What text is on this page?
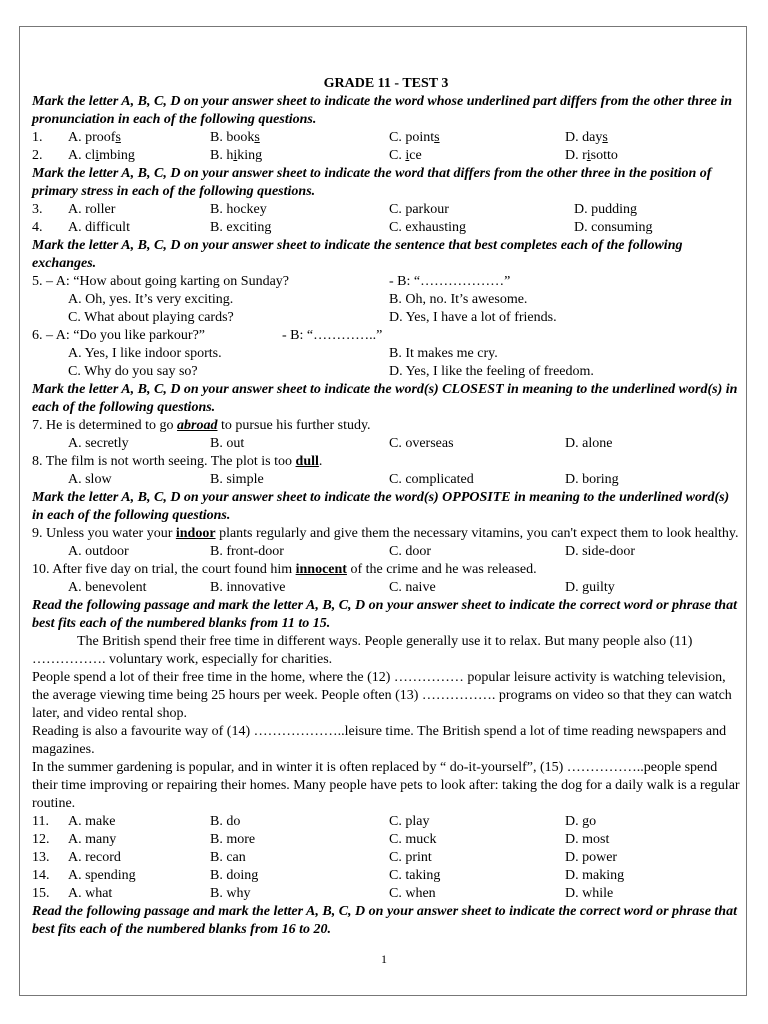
GRADE 11 - TEST 3
Mark the letter A, B, C, D on your answer sheet to indicate the word whose underlined part differs from the other three in pronunciation in each of the following questions.
1. A. proofs	B. books	C. points	D. days
2. A. climbing	B. hiking	C. ice	D. risotto
Mark the letter A, B, C, D on your answer sheet to indicate the word that differs from the other three in the position of primary stress in each of the following questions.
3. A. roller	B. hockey	C. parkour	D. pudding
4. A. difficult	B. exciting	C. exhausting	D. consuming
Mark the letter A, B, C, D on your answer sheet to indicate the sentence that best completes each of the following exchanges.
5. – A: “How about going karting on Sunday?	- B: “………………”
A. Oh, yes. It’s very exciting.	B. Oh, no. It’s awesome.
C. What about playing cards?	D. Yes, I have a lot of friends.
6. – A: “Do you like parkour?”	- B: “…………..”
A. Yes, I like indoor sports.	B. It makes me cry.
C. Why do you say so?	D. Yes, I like the feeling of freedom.
Mark the letter A, B, C, D on your answer sheet to indicate the word(s) CLOSEST in meaning to the underlined word(s) in each of the following questions.
7. He is determined to go abroad to pursue his further study.
A. secretly	B. out	C. overseas	D. alone
8. The film is not worth seeing. The plot is too dull.
A. slow	B. simple	C. complicated	D. boring
Mark the letter A, B, C, D on your answer sheet to indicate the word(s) OPPOSITE in meaning to the underlined word(s) in each of the following questions.
9. Unless you water your indoor plants regularly and give them the necessary vitamins, you can't expect them to look healthy.
A. outdoor	B. front-door	C. door	D. side-door
10. After five day on trial, the court found him innocent of the crime and he was released.
A. benevolent	B. innovative	C. naive	D. guilty
Read the following passage and mark the letter A, B, C, D on your answer sheet to indicate the correct word or phrase that best fits each of the numbered blanks from 11 to 15.
The British spend their free time in different ways. People generally use it to relax. But many people also (11) ……………. voluntary work, especially for charities.
People spend a lot of their free time in the home, where the (12) …………… popular leisure activity is watching television, the average viewing time being 25 hours per week. People often (13) ……………. programs on video so that they can watch later, and video rental shop.
Reading is also a favourite way of (14) ………………..leisure time. The British spend a lot of time reading newspapers and magazines.
In the summer gardening is popular, and in winter it is often replaced by “ do-it-yourself”, (15) ……………..people spend their time improving or repairing their homes. Many people have pets to look after: taking the dog for a daily walk is a regular routine.
11. A. make	B. do	C. play	D. go
12. A. many	B. more	C. muck	D. most
13. A. record	B. can	C. print	D. power
14. A. spending	B. doing	C. taking	D. making
15. A. what	B. why	C. when	D. while
Read the following passage and mark the letter A, B, C, D on your answer sheet to indicate the correct word or phrase that best fits each of the numbered blanks from 16 to 20.
1
